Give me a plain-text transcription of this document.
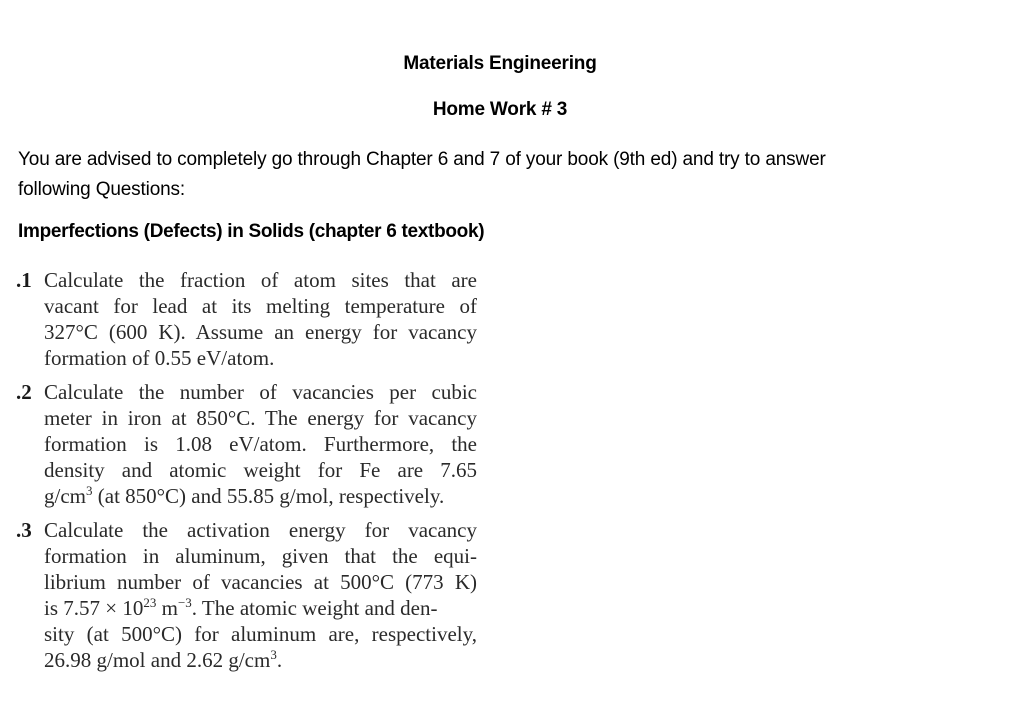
Materials Engineering
Home Work # 3
You are advised to completely go through Chapter 6 and 7 of your book (9th ed) and try to answer
following Questions:
Imperfections (Defects) in Solids (chapter 6 textbook)
.1 Calculate the fraction of atom sites that are
vacant for lead at its melting temperature of
327°C (600 K). Assume an energy for vacancy
formation of 0.55 eV/atom.
.2 Calculate the number of vacancies per cubic
meter in iron at 850°C. The energy for vacancy
formation is 1.08 eV/atom. Furthermore, the
density and atomic weight for Fe are 7.65
$g/cm^3$ (at 850°C) and 55.85 g/mol, respectively.
.3 Calculate the activation energy for vacancy
formation in aluminum, given that the equi-
librium number of vacancies at 500°C (773 K)
is $7.57 \times 10^{23}$ $m^{-3}$. The atomic weight and den-
sity (at 500°C) for aluminum are, respectively,
26.98 g/mol and 2.62 $g/cm^3$.
